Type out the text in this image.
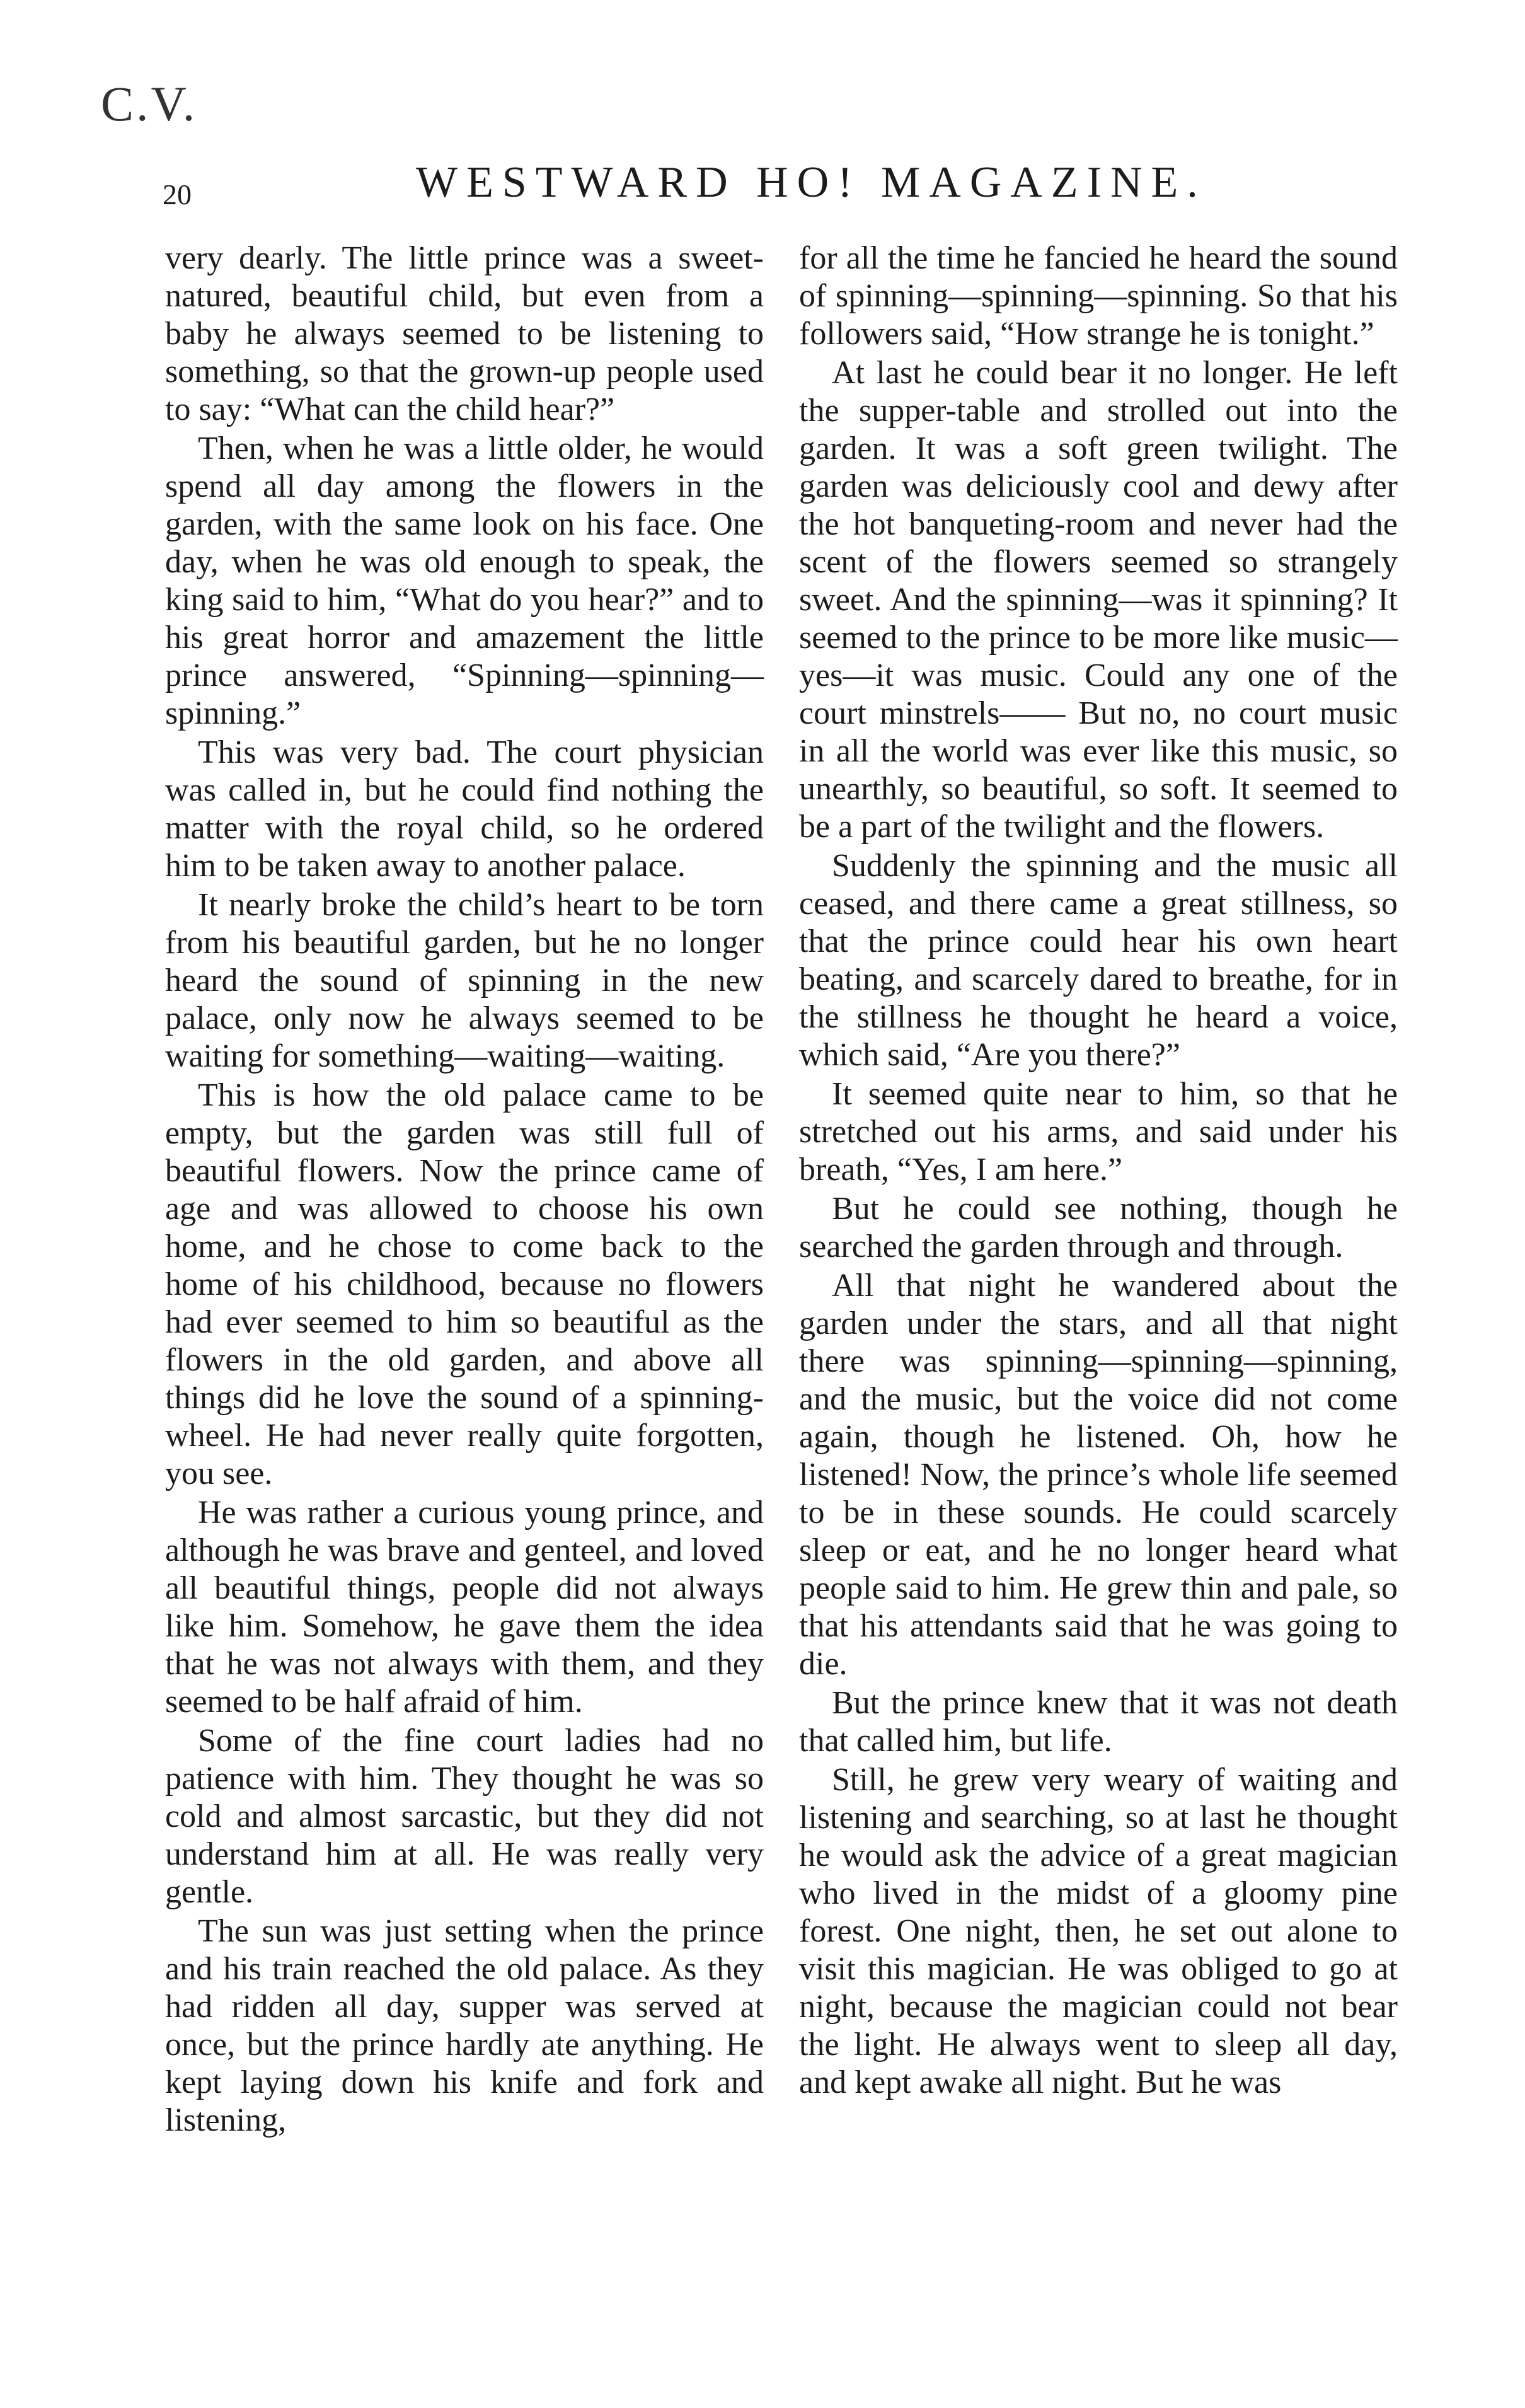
C.V.
20	WESTWARD HO! MAGAZINE.

very dearly. The little prince was a sweet-natured, beautiful child, but even from a baby he always seemed to be listening to something, so that the grown-up people used to say: “What can the child hear?”

Then, when he was a little older, he would spend all day among the flowers in the garden, with the same look on his face. One day, when he was old enough to speak, the king said to him, “What do you hear?” and to his great horror and amazement the little prince answered, “Spinning—spinning—spinning.”

This was very bad. The court physician was called in, but he could find nothing the matter with the royal child, so he ordered him to be taken away to another palace.

It nearly broke the child’s heart to be torn from his beautiful garden, but he no longer heard the sound of spinning in the new palace, only now he always seemed to be waiting for something—waiting—waiting.

This is how the old palace came to be empty, but the garden was still full of beautiful flowers. Now the prince came of age and was allowed to choose his own home, and he chose to come back to the home of his childhood, because no flowers had ever seemed to him so beautiful as the flowers in the old garden, and above all things did he love the sound of a spinning-wheel. He had never really quite forgotten, you see.

He was rather a curious young prince, and although he was brave and genteel, and loved all beautiful things, people did not always like him. Somehow, he gave them the idea that he was not always with them, and they seemed to be half afraid of him.

Some of the fine court ladies had no patience with him. They thought he was so cold and almost sarcastic, but they did not understand him at all. He was really very gentle.

The sun was just setting when the prince and his train reached the old palace. As they had ridden all day, supper was served at once, but the prince hardly ate anything. He kept laying down his knife and fork and listening,

for all the time he fancied he heard the sound of spinning—spinning—spinning. So that his followers said, “How strange he is tonight.”

At last he could bear it no longer. He left the supper-table and strolled out into the garden. It was a soft green twilight. The garden was deliciously cool and dewy after the hot banqueting-room and never had the scent of the flowers seemed so strangely sweet. And the spinning—was it spinning? It seemed to the prince to be more like music—yes—it was music. Could any one of the court minstrels—— But no, no court music in all the world was ever like this music, so unearthly, so beautiful, so soft. It seemed to be a part of the twilight and the flowers.

Suddenly the spinning and the music all ceased, and there came a great stillness, so that the prince could hear his own heart beating, and scarcely dared to breathe, for in the stillness he thought he heard a voice, which said, “Are you there?”

It seemed quite near to him, so that he stretched out his arms, and said under his breath, “Yes, I am here.”

But he could see nothing, though he searched the garden through and through.

All that night he wandered about the garden under the stars, and all that night there was spinning—spinning—spinning, and the music, but the voice did not come again, though he listened. Oh, how he listened! Now, the prince’s whole life seemed to be in these sounds. He could scarcely sleep or eat, and he no longer heard what people said to him. He grew thin and pale, so that his attendants said that he was going to die.

But the prince knew that it was not death that called him, but life.

Still, he grew very weary of waiting and listening and searching, so at last he thought he would ask the advice of a great magician who lived in the midst of a gloomy pine forest. One night, then, he set out alone to visit this magician. He was obliged to go at night, because the magician could not bear the light. He always went to sleep all day, and kept awake all night. But he was
